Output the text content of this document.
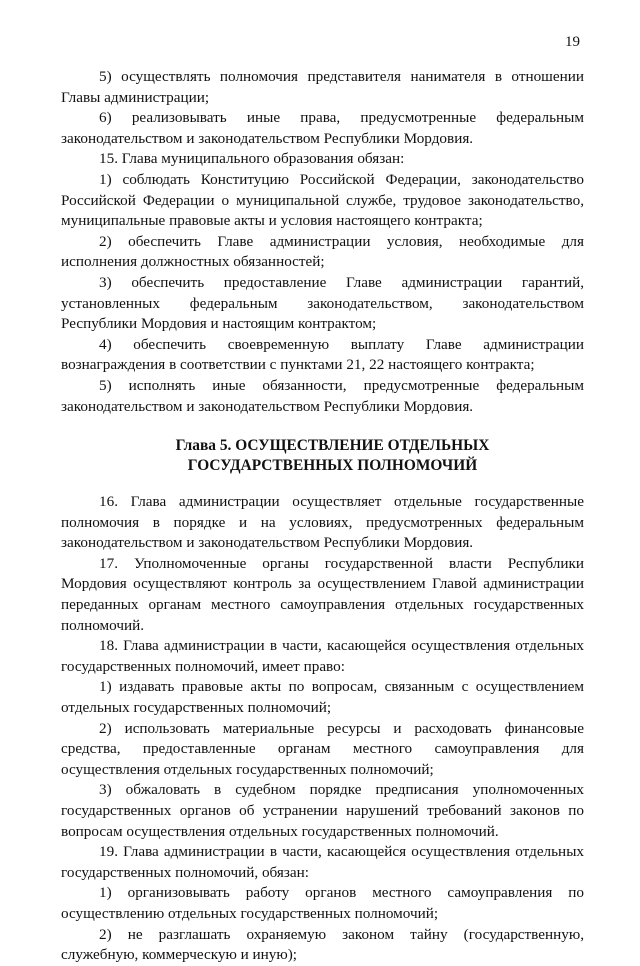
19

5) осуществлять полномочия представителя нанимателя в отношении Главы администрации;

6) реализовывать иные права, предусмотренные федеральным законодательством и законодательством Республики Мордовия.

15. Глава муниципального образования обязан:

1) соблюдать Конституцию Российской Федерации, законодательство Российской Федерации о муниципальной службе, трудовое законодательство, муниципальные правовые акты и условия настоящего контракта;

2) обеспечить Главе администрации условия, необходимые для исполнения должностных обязанностей;

3) обеспечить предоставление Главе администрации гарантий, установленных федеральным законодательством, законодательством Республики Мордовия и настоящим контрактом;

4) обеспечить своевременную выплату Главе администрации вознаграждения в соответствии с пунктами 21, 22 настоящего контракта;

5) исполнять иные обязанности, предусмотренные федеральным законодательством и законодательством Республики Мордовия.

Глава 5. ОСУЩЕСТВЛЕНИЕ ОТДЕЛЬНЫХ
ГОСУДАРСТВЕННЫХ ПОЛНОМОЧИЙ

16. Глава администрации осуществляет отдельные государственные полномочия в порядке и на условиях, предусмотренных федеральным законодательством и законодательством Республики Мордовия.

17. Уполномоченные органы государственной власти Республики Мордовия осуществляют контроль за осуществлением Главой администрации переданных органам местного самоуправления отдельных государственных полномочий.

18. Глава администрации в части, касающейся осуществления отдельных государственных полномочий, имеет право:

1) издавать правовые акты по вопросам, связанным с осуществлением отдельных государственных полномочий;

2) использовать материальные ресурсы и расходовать финансовые средства, предоставленные органам местного самоуправления для осуществления отдельных государственных полномочий;

3) обжаловать в судебном порядке предписания уполномоченных государственных органов об устранении нарушений требований законов по вопросам осуществления отдельных государственных полномочий.

19. Глава администрации в части, касающейся осуществления отдельных государственных полномочий, обязан:

1) организовывать работу органов местного самоуправления по осуществлению отдельных государственных полномочий;

2) не разглашать охраняемую законом тайну (государственную, служебную, коммерческую и иную);
